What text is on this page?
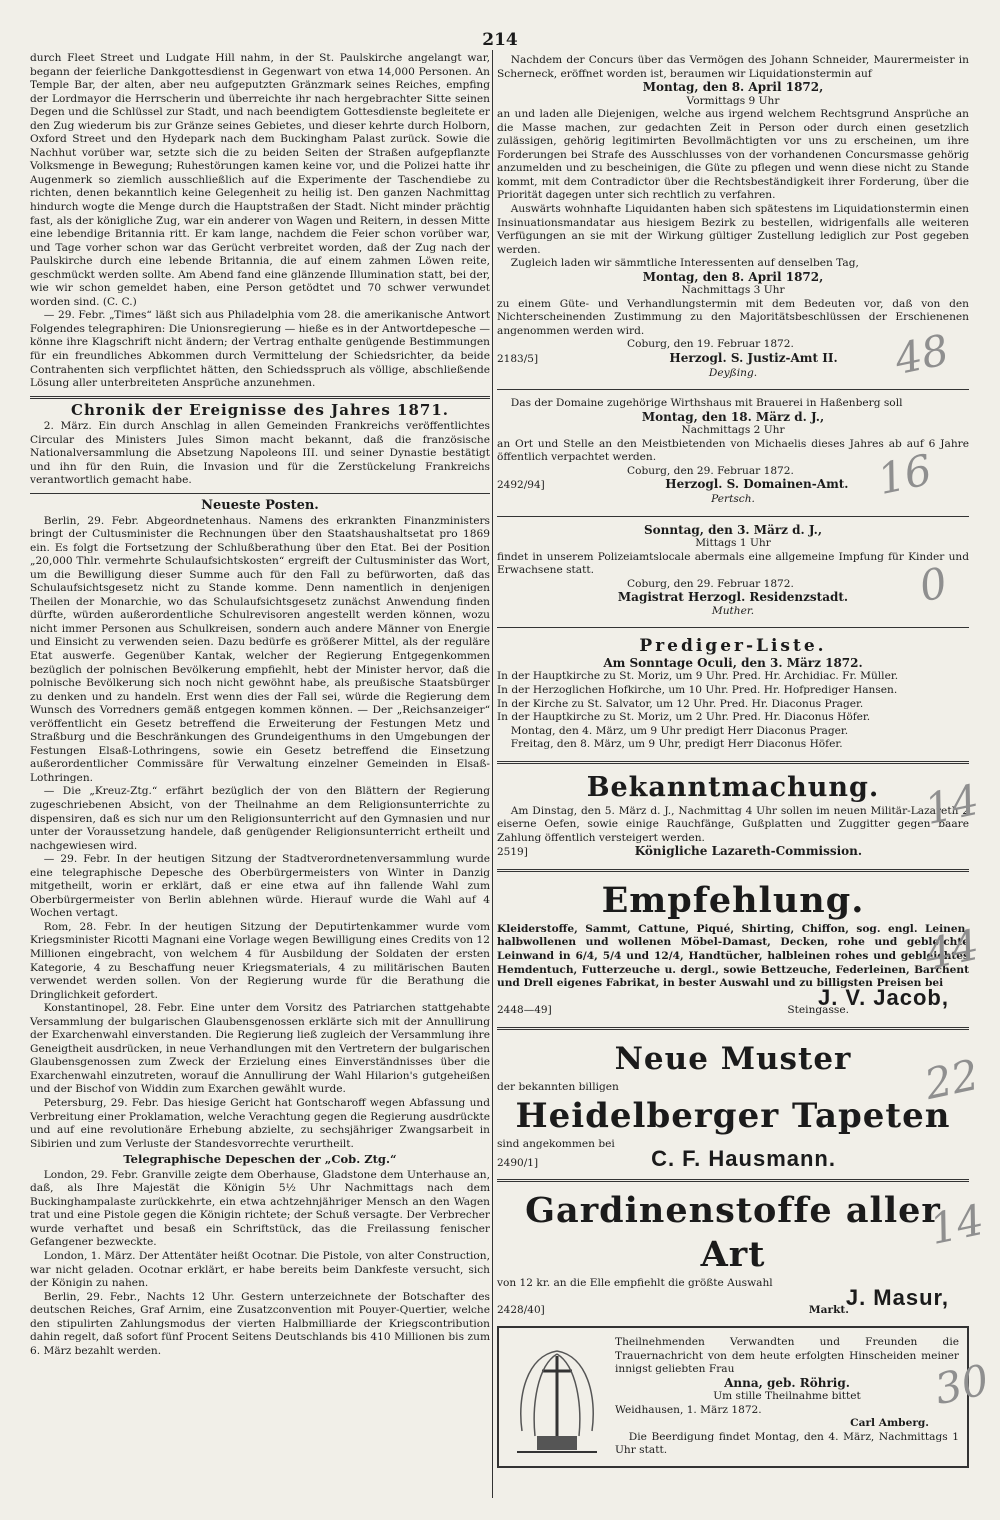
214

durch Fleet Street und Ludgate Hill nahm, in der St. Paulskirche angelangt war, begann der feierliche Dankgottesdienst in Gegenwart von etwa 14,000 Personen. An Temple Bar, der alten, aber neu aufgeputzten Gränzmark seines Reiches, empfing der Lordmayor die Herrscherin und überreichte ihr nach hergebrachter Sitte seinen Degen und die Schlüssel zur Stadt, und nach beendigtem Gottesdienste begleitete er den Zug wiederum bis zur Gränze seines Gebietes, und dieser kehrte durch Holborn, Oxford Street und den Hydepark nach dem Buckingham Palast zurück. Sowie die Nachhut vorüber war, setzte sich die zu beiden Seiten der Straßen aufgepflanzte Volksmenge in Bewegung; Ruhestörungen kamen keine vor, und die Polizei hatte ihr Augenmerk so ziemlich ausschließlich auf die Experimente der Taschendiebe zu richten, denen bekanntlich keine Gelegenheit zu heilig ist. Den ganzen Nachmittag hindurch wogte die Menge durch die Hauptstraßen der Stadt. Nicht minder prächtig fast, als der königliche Zug, war ein anderer von Wagen und Reitern, in dessen Mitte eine lebendige Britannia ritt. Er kam lange, nachdem die Feier schon vorüber war, und Tage vorher schon war das Gerücht verbreitet worden, daß der Zug nach der Paulskirche durch eine lebende Britannia, die auf einem zahmen Löwen reite, geschmückt werden sollte. Am Abend fand eine glänzende Illumination statt, bei der, wie wir schon gemeldet haben, eine Person getödtet und 70 schwer verwundet worden sind. (C. C.)

— 29. Febr. „Times“ läßt sich aus Philadelphia vom 28. die amerikanische Antwort Folgendes telegraphiren: Die Unionsregierung — hieße es in der Antwortdepesche — könne ihre Klagschrift nicht ändern; der Vertrag enthalte genügende Bestimmungen für ein freundliches Abkommen durch Vermittelung der Schiedsrichter, da beide Contrahenten sich verpflichtet hätten, den Schiedsspruch als völlige, abschließende Lösung aller unterbreiteten Ansprüche anzunehmen.

Chronik der Ereignisse des Jahres 1871.

2. März. Ein durch Anschlag in allen Gemeinden Frankreichs veröffentlichtes Circular des Ministers Jules Simon macht bekannt, daß die französische Nationalversammlung die Absetzung Napoleons III. und seiner Dynastie bestätigt und ihn für den Ruin, die Invasion und für die Zerstückelung Frankreichs verantwortlich gemacht habe.

Neueste Posten.

Berlin, 29. Febr. Abgeordnetenhaus. Namens des erkrankten Finanzministers bringt der Cultusminister die Rechnungen über den Staatshaushaltsetat pro 1869 ein. Es folgt die Fortsetzung der Schlußberathung über den Etat. Bei der Position „20,000 Thlr. vermehrte Schulaufsichtskosten“ ergreift der Cultusminister das Wort, um die Bewilligung dieser Summe auch für den Fall zu befürworten, daß das Schulaufsichtsgesetz nicht zu Stande komme. Denn namentlich in denjenigen Theilen der Monarchie, wo das Schulaufsichtsgesetz zunächst Anwendung finden dürfte, würden außerordentliche Schulrevisoren angestellt werden können, wozu nicht immer Personen aus Schulkreisen, sondern auch andere Männer von Energie und Einsicht zu verwenden seien. Dazu bedürfe es größerer Mittel, als der reguläre Etat auswerfe. Gegenüber Kantak, welcher der Regierung Entgegenkommen bezüglich der polnischen Bevölkerung empfiehlt, hebt der Minister hervor, daß die polnische Bevölkerung sich noch nicht gewöhnt habe, als preußische Staatsbürger zu denken und zu handeln. Erst wenn dies der Fall sei, würde die Regierung dem Wunsch des Vorredners gemäß entgegen kommen können. — Der „Reichsanzeiger“ veröffentlicht ein Gesetz betreffend die Erweiterung der Festungen Metz und Straßburg und die Beschränkungen des Grundeigenthums in den Umgebungen der Festungen Elsaß-Lothringens, sowie ein Gesetz betreffend die Einsetzung außerordentlicher Commissäre für Verwaltung einzelner Gemeinden in Elsaß-Lothringen.

— Die „Kreuz-Ztg.“ erfährt bezüglich der von den Blättern der Regierung zugeschriebenen Absicht, von der Theilnahme an dem Religionsunterrichte zu dispensiren, daß es sich nur um den Religionsunterricht auf den Gymnasien und nur unter der Voraussetzung handele, daß genügender Religionsunterricht ertheilt und nachgewiesen wird.

— 29. Febr. In der heutigen Sitzung der Stadtverordnetenversammlung wurde eine telegraphische Depesche des Oberbürgermeisters von Winter in Danzig mitgetheilt, worin er erklärt, daß er eine etwa auf ihn fallende Wahl zum Oberbürgermeister von Berlin ablehnen würde. Hierauf wurde die Wahl auf 4 Wochen vertagt.

Rom, 28. Febr. In der heutigen Sitzung der Deputirtenkammer wurde vom Kriegsminister Ricotti Magnani eine Vorlage wegen Bewilligung eines Credits von 12 Millionen eingebracht, von welchem 4 für Ausbildung der Soldaten der ersten Kategorie, 4 zu Beschaffung neuer Kriegsmaterials, 4 zu militärischen Bauten verwendet werden sollen. Von der Regierung wurde für die Berathung die Dringlichkeit gefordert.

Konstantinopel, 28. Febr. Eine unter dem Vorsitz des Patriarchen stattgehabte Versammlung der bulgarischen Glaubensgenossen erklärte sich mit der Annullirung der Exarchenwahl einverstanden. Die Regierung ließ zugleich der Versammlung ihre Geneigtheit ausdrücken, in neue Verhandlungen mit den Vertretern der bulgarischen Glaubensgenossen zum Zweck der Erzielung eines Einverständnisses über die Exarchenwahl einzutreten, worauf die Annullirung der Wahl Hilarion's gutgeheißen und der Bischof von Widdin zum Exarchen gewählt wurde.

Petersburg, 29. Febr. Das hiesige Gericht hat Gontscharoff wegen Abfassung und Verbreitung einer Proklamation, welche Verachtung gegen die Regierung ausdrückte und auf eine revolutionäre Erhebung abzielte, zu sechsjähriger Zwangsarbeit in Sibirien und zum Verluste der Standesvorrechte verurtheilt.

Telegraphische Depeschen der „Cob. Ztg.“

London, 29. Febr. Granville zeigte dem Oberhause, Gladstone dem Unterhause an, daß, als Ihre Majestät die Königin 5½ Uhr Nachmittags nach dem Buckinghampalaste zurückkehrte, ein etwa achtzehnjähriger Mensch an den Wagen trat und eine Pistole gegen die Königin richtete; der Schuß versagte. Der Verbrecher wurde verhaftet und besaß ein Schriftstück, das die Freilassung fenischer Gefangener bezweckte.

London, 1. März. Der Attentäter heißt Ocotnar. Die Pistole, von alter Construction, war nicht geladen. Ocotnar erklärt, er habe bereits beim Dankfeste versucht, sich der Königin zu nahen.

Berlin, 29. Febr., Nachts 12 Uhr. Gestern unterzeichnete der Botschafter des deutschen Reiches, Graf Arnim, eine Zusatzconvention mit Pouyer-Quertier, welche den stipulirten Zahlungsmodus der vierten Halbmilliarde der Kriegscontribution dahin regelt, daß sofort fünf Procent Seitens Deutschlands bis 410 Millionen bis zum 6. März bezahlt werden.

Nachdem der Concurs über das Vermögen des Johann Schneider, Maurermeister in Scherneck, eröffnet worden ist, beraumen wir Liquidationstermin auf

Montag, den 8. April 1872,
Vormittags 9 Uhr

an und laden alle Diejenigen, welche aus irgend welchem Rechtsgrund Ansprüche an die Masse machen, zur gedachten Zeit in Person oder durch einen gesetzlich zulässigen, gehörig legitimirten Bevollmächtigten vor uns zu erscheinen, um ihre Forderungen bei Strafe des Ausschlusses von der vorhandenen Concursmasse gehörig anzumelden und zu bescheinigen, die Güte zu pflegen und wenn diese nicht zu Stande kommt, mit dem Contradictor über die Rechtsbeständigkeit ihrer Forderung, über die Priorität dagegen unter sich rechtlich zu verfahren.

Auswärts wohnhafte Liquidanten haben sich spätestens im Liquidationstermin einen Insinuationsmandatar aus hiesigem Bezirk zu bestellen, widrigenfalls alle weiteren Verfügungen an sie mit der Wirkung gültiger Zustellung lediglich zur Post gegeben werden.

Zugleich laden wir sämmtliche Interessenten auf denselben Tag,

Montag, den 8. April 1872,
Nachmittags 3 Uhr

zu einem Güte- und Verhandlungstermin mit dem Bedeuten vor, daß von den Nichterscheinenden Zustimmung zu den Majoritätsbeschlüssen der Erschienenen angenommen werden wird.

Coburg, den 19. Februar 1872.

2183/5]	Herzogl. S. Justiz-Amt II.
Deyßing.

Das der Domaine zugehörige Wirthshaus mit Brauerei in Haßenberg soll

Montag, den 18. März d. J.,
Nachmittags 2 Uhr

an Ort und Stelle an den Meistbietenden von Michaelis dieses Jahres ab auf 6 Jahre öffentlich verpachtet werden.

Coburg, den 29. Februar 1872.

2492/94]	Herzogl. S. Domainen-Amt.
Pertsch.
Sonntag, den 3. März d. J.,
Mittags 1 Uhr

findet in unserem Polizeiamtslocale abermals eine allgemeine Impfung für Kinder und Erwachsene statt.

Coburg, den 29. Februar 1872.

Magistrat Herzogl. Residenzstadt.
Muther.
Prediger-Liste.
Am Sonntage Oculi, den 3. März 1872.

In der Hauptkirche zu St. Moriz, um 9 Uhr. Pred. Hr. Archidiac. Fr. Müller.

In der Herzoglichen Hofkirche, um 10 Uhr. Pred. Hr. Hofprediger Hansen.

In der Kirche zu St. Salvator, um 12 Uhr. Pred. Hr. Diaconus Prager.

In der Hauptkirche zu St. Moriz, um 2 Uhr. Pred. Hr. Diaconus Höfer.

Montag, den 4. März, um 9 Uhr predigt Herr Diaconus Prager.

Freitag, den 8. März, um 9 Uhr, predigt Herr Diaconus Höfer.

Bekanntmachung.

Am Dinstag, den 5. März d. J., Nachmittag 4 Uhr sollen im neuen Militär-Lazareth 2 eiserne Oefen, sowie einige Rauchfänge, Gußplatten und Zuggitter gegen baare Zahlung öffentlich versteigert werden.

2519]	Königliche Lazareth-Commission.
Empfehlung.

Kleiderstoffe, Sammt, Cattune, Piqué, Shirting, Chiffon, sog. engl. Leinen, halbwollenen und wollenen Möbel-Damast, Decken, rohe und gebleichte Leinwand in 6/4, 5/4 und 12/4, Handtücher, halbleinen rohes und gebleichtes Hemdentuch, Futterzeuche u. dergl., sowie Bettzeuche, Federleinen, Barchent und Drell eigenes Fabrikat, in bester Auswahl und zu billigsten Preisen bei

J. V. Jacob,
2448—49]	Steingasse.
Neue Muster

der bekannten billigen

Heidelberger Tapeten

sind angekommen bei

2490/1]	C. F. Hausmann.
Gardinenstoffe aller Art

von 12 kr. an die Elle empfiehlt die größte Auswahl

J. Masur,
2428/40]	Markt.

Theilnehmenden Verwandten und Freunden die Trauernachricht von dem heute erfolgten Hinscheiden meiner innigst geliebten Frau

Anna, geb. Röhrig.
Um stille Theilnahme bittet

Weidhausen, 1. März 1872.

Carl Amberg.

Die Beerdigung findet Montag, den 4. März, Nachmittags 1 Uhr statt.

48
16
0
14
44
22
14
30
